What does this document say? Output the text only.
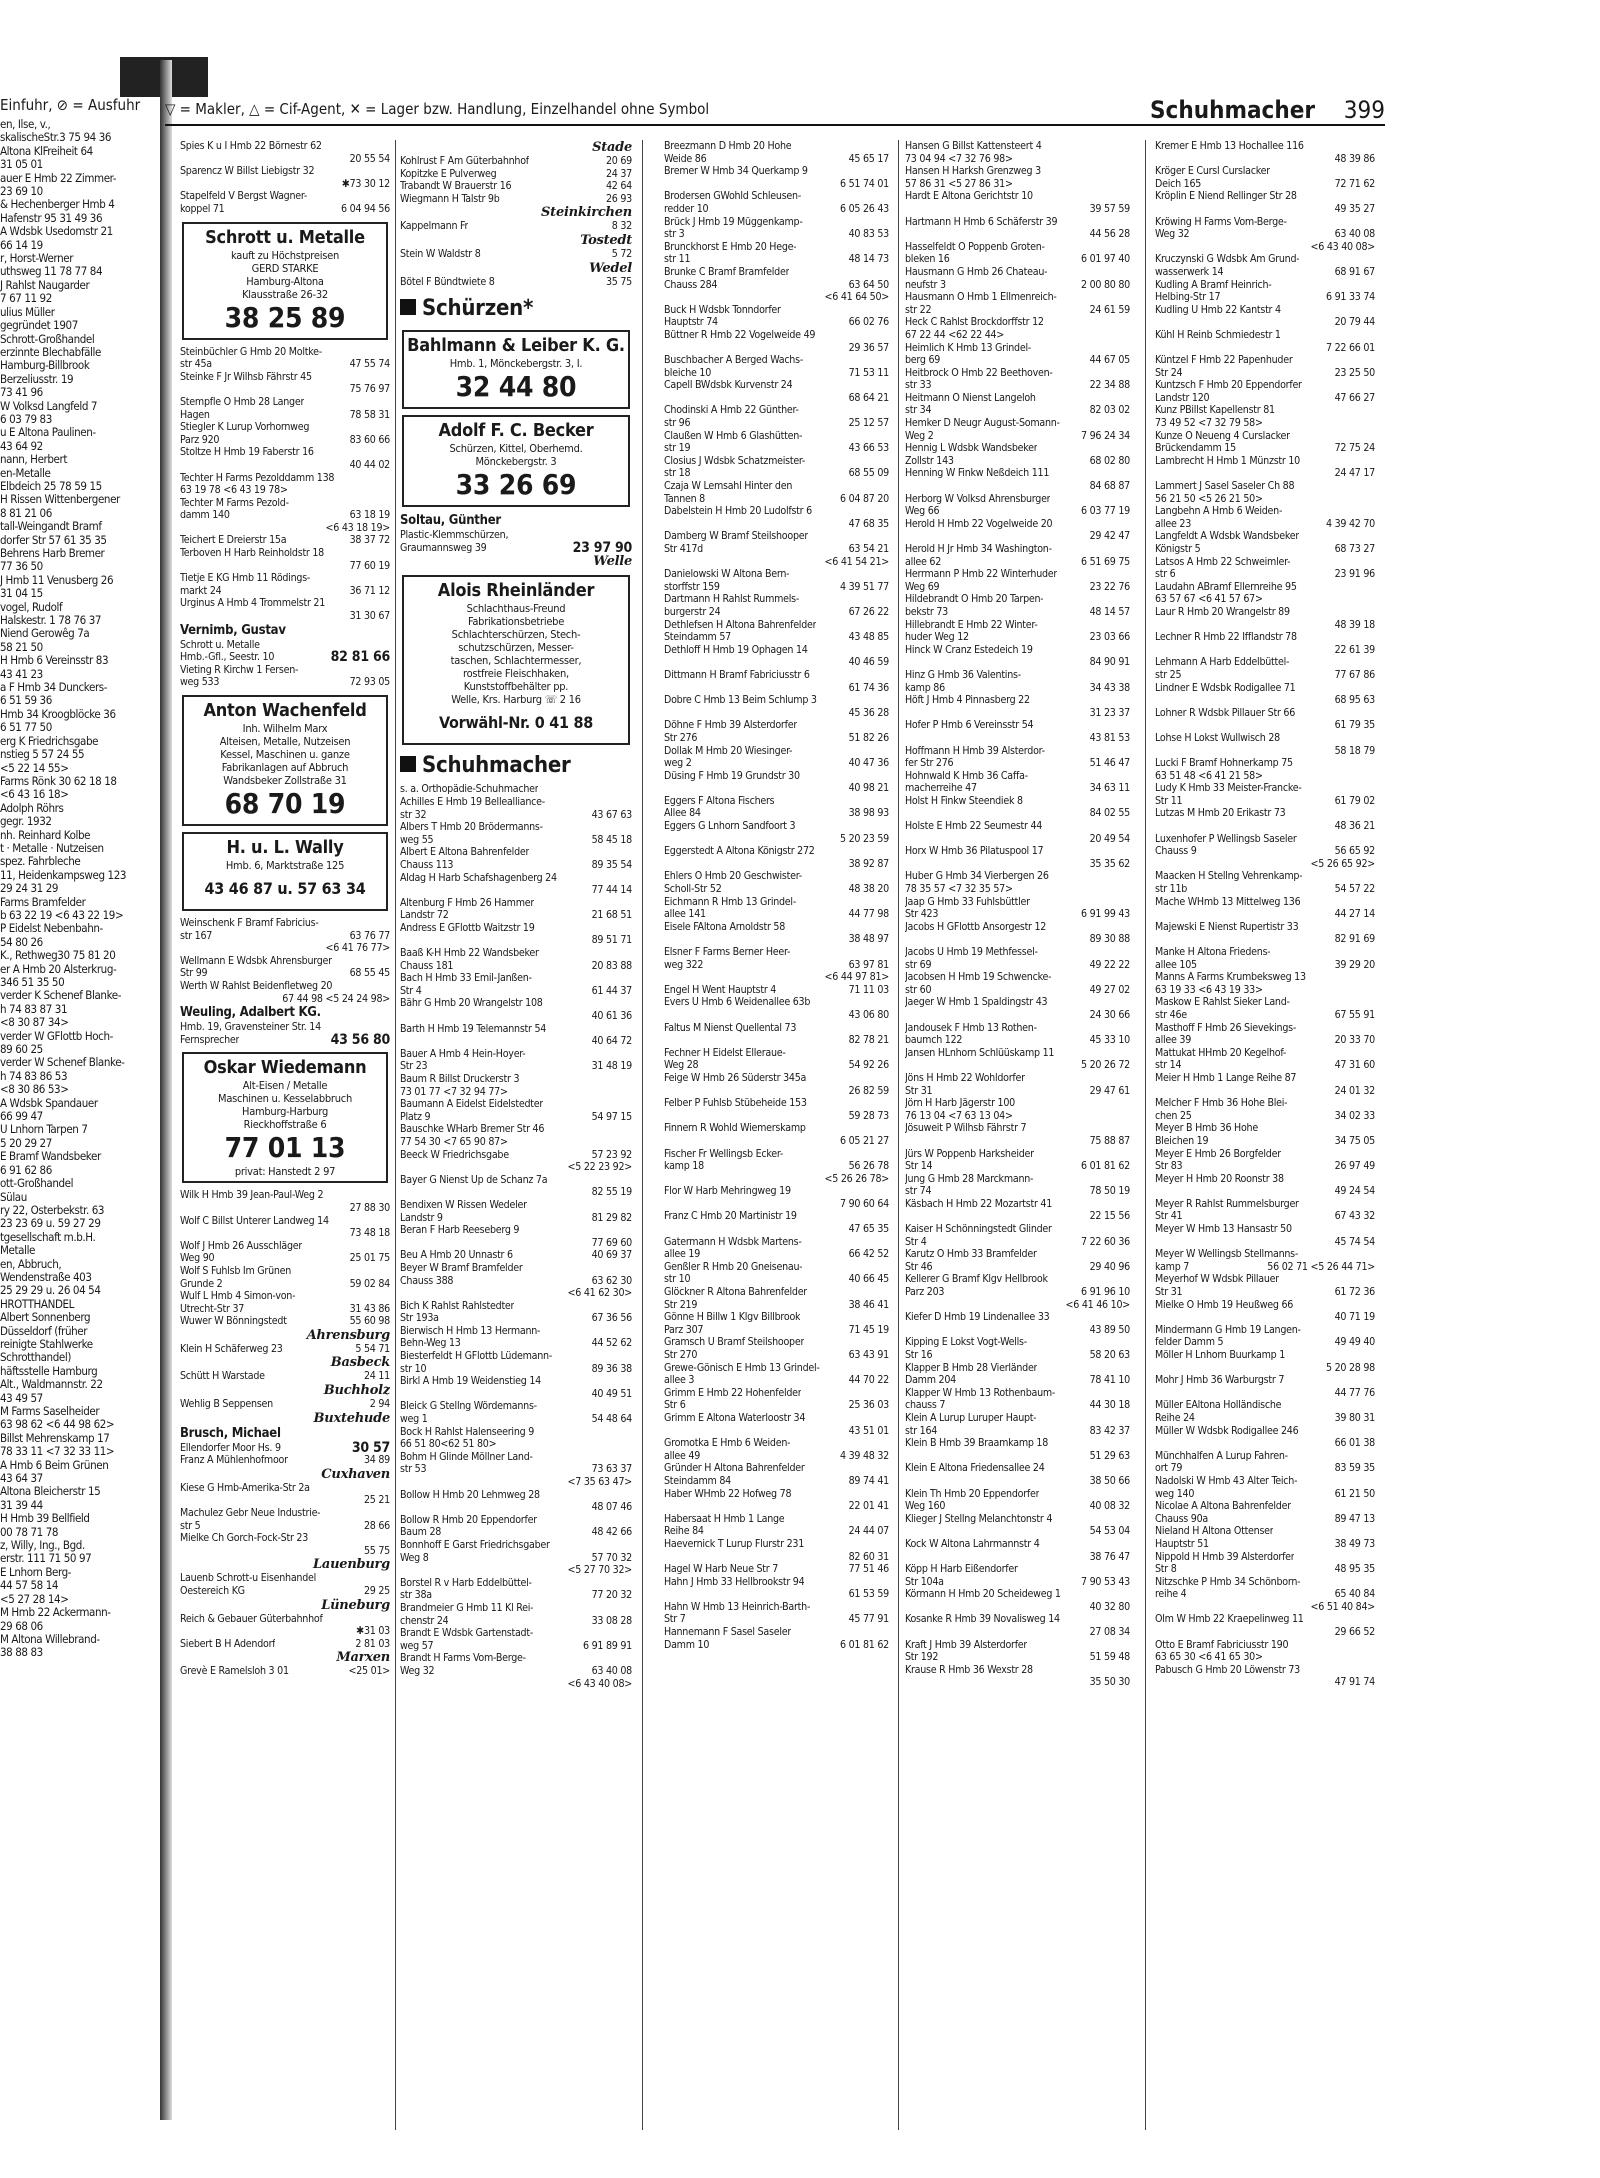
Einfuhr, ⊘ = Ausfuhr
en, Ilse, v.,
skalischeStr.3 75 94 36
Altona KlFreiheit 64
31 05 01
auer E Hmb 22 Zimmer-
23 69 10
& Hechenberger Hmb 4
Hafenstr 95 31 49 36
A Wdsbk Usedomstr 21
66 14 19
r, Horst-Werner
uthsweg 11 78 77 84
J Rahlst Naugarder
7 67 11 92
ulius Müller
gegründet 1907
Schrott-Großhandel
erzinnte Blechabfälle
Hamburg-Billbrook
Berzeliusstr. 19
73 41 96
W Volksd Langfeld 7
6 03 79 83
u E Altona Paulinen-
43 64 92
nann, Herbert
en-Metalle
Elbdeich 25 78 59 15
H Rissen Wittenbergener
8 81 21 06
tall-Weingandt Bramf
dorfer Str 57 61 35 35
Behrens Harb Bremer
77 36 50
J Hmb 11 Venusberg 26
31 04 15
vogel, Rudolf
Halskestr. 1 78 76 37
Niend Gerowêg 7a
58 21 50
H Hmb 6 Vereinsstr 83
43 41 23
a F Hmb 34 Dunckers-
6 51 59 36
Hmb 34 Kroogblöcke 36
6 51 77 50
erg K Friedrichsgabe
nstieg 5 57 24 55
<5 22 14 55>
Farms Rönk 30 62 18 18
<6 43 16 18>
Adolph Röhrs
gegr. 1932
nh. Reinhard Kolbe
t · Metalle · Nutzeisen
spez. Fahrbleche
11, Heidenkampsweg 123
29 24 31 29
Farms Bramfelder
b 63 22 19 <6 43 22 19>
P Eidelst Nebenbahn-
54 80 26
K., Rethweg30 75 81 20
er A Hmb 20 Alsterkrug-
346 51 35 50
verder K Schenef Blanke-
h 74 83 87 31
<8 30 87 34>
verder W GFlottb Hoch-
89 60 25
verder W Schenef Blanke-
h 74 83 86 53
<8 30 86 53>
A Wdsbk Spandauer
66 99 47
U Lnhorn Tarpen 7
5 20 29 27
E Bramf Wandsbeker
6 91 62 86
ott-Großhandel
Sülau
ry 22, Osterbekstr. 63
23 23 69 u. 59 27 29
tgesellschaft m.b.H.
Metalle
en, Abbruch,
Wendenstraße 403
25 29 29 u. 26 04 54
HROTTHANDEL
Albert Sonnenberg
Düsseldorf (früher
reinigte Stahlwerke
Schrotthandel)
häftsstelle Hamburg
Alt., Waldmannstr. 22
43 49 57
M Farms Saselheider
63 98 62 <6 44 98 62>
Billst Mehrenskamp 17
78 33 11 <7 32 33 11>
A Hmb 6 Beim Grünen
43 64 37
Altona Bleicherstr 15
31 39 44
H Hmb 39 Bellfield
00 78 71 78
z, Willy, Ing., Bgd.
erstr. 111 71 50 97
E Lnhorn Berg-
44 57 58 14
<5 27 28 14>
M Hmb 22 Ackermann-
29 68 06
M Altona Willebrand-
38 88 83
▽ = Makler, △ = Cif-Agent, ✕ = Lager bzw. Handlung, Einzelhandel ohne Symbol	Schuhmacher 399
Spies K u I Hmb 22 Börnestr 62
20 55 54
Sparencz W Billst Liebigstr 32
✱73 30 12
Stapelfeld V Bergst Wagner-
koppel 71	6 04 94 56
Schrott u. Metalle
kauft zu Höchstpreisen
GERD STARKE
Hamburg-Altona
Klausstraße 26-32
38 25 89
Steinbüchler G Hmb 20 Moltke-
str 45a	47 55 74
Steinke F Jr Wilhsb Fährstr 45
75 76 97
Stempfle O Hmb 28 Langer
Hagen	78 58 31
Stiegler K Lurup Vorhornweg
Parz 920	83 60 66
Stoltze H Hmb 19 Faberstr 16
40 44 02
Techter H Farms Pezolddamm 138
63 19 78 <6 43 19 78>
Techter M Farms Pezold-
damm 140	63 18 19
<6 43 18 19>
Teichert E Dreierstr 15a	38 37 72
Terboven H Harb Reinholdstr 18
77 60 19
Tietje E KG Hmb 11 Rödings-
markt 24	36 71 12
Urginus A Hmb 4 Trommelstr 21
31 30 67
Vernimb, Gustav
Schrott u. Metalle
Hmb.-Gfl., Seestr. 10	82 81 66
Vieting R Kirchw 1 Fersen-
weg 533	72 93 05
Anton Wachenfeld
Inh. Wilhelm Marx
Alteisen, Metalle, Nutzeisen
Kessel, Maschinen u. ganze
Fabrikanlagen auf Abbruch
Wandsbeker Zollstraße 31
68 70 19
H. u. L. Wally
Hmb. 6, Marktstraße 125
43 46 87 u. 57 63 34
Weinschenk F Bramf Fabricius-
str 167	63 76 77
<6 41 76 77>
Wellmann E Wdsbk Ahrensburger
Str 99	68 55 45
Werth W Rahlst Beidenfletweg 20
67 44 98 <5 24 24 98>
Weuling, Adalbert KG.
Hmb. 19, Gravensteiner Str. 14
Fernsprecher	43 56 80
Oskar Wiedemann
Alt-Eisen / Metalle
Maschinen u. Kesselabbruch
Hamburg-Harburg
Rieckhoffstraße 6
77 01 13
privat: Hanstedt 2 97
Wilk H Hmb 39 Jean-Paul-Weg 2
27 88 30
Wolf C Billst Unterer Landweg 14
73 48 18
Wolf J Hmb 26 Ausschläger
Weg 90	25 01 75
Wolf S Fuhlsb Im Grünen
Grunde 2	59 02 84
Wulf L Hmb 4 Simon-von-
Utrecht-Str 37	31 43 86
Wuwer W Bönningstedt	55 60 98
Ahrensburg
Klein H Schäferweg 23	5 54 71
Basbeck
Schütt H Warstade	24 11
Buchholz
Wehlig B Seppensen	2 94
Buxtehude
Brusch, Michael
Ellendorfer Moor Hs. 9	30 57
Franz A Mühlenhofmoor	34 89
Cuxhaven
Kiese G Hmb-Amerika-Str 2a
25 21
Machulez Gebr Neue Industrie-
str 5	28 66
Mielke Ch Gorch-Fock-Str 23
55 75
Lauenburg
Lauenb Schrott-u Eisenhandel
Oestereich KG	29 25
Lüneburg
Reich & Gebauer Güterbahnhof
✱31 03
Siebert B H Adendorf	2 81 03
Marxen
Grevè E Ramelsloh 3 01	<25 01>
Stade
Kohlrust F Am Güterbahnhof	20 69
Kopitzke E Pulverweg	24 37
Trabandt W Brauerstr 16	42 64
Wiegmann H Talstr 9b	26 93
Steinkirchen
Kappelmann Fr	8 32
Tostedt
Stein W Waldstr 8	5 72
Wedel
Bötel F Bündtwiete 8	35 75
Schürzen*
Bahlmann & Leiber K. G.
Hmb. 1, Mönckebergstr. 3, I.
32 44 80
Adolf F. C. Becker
Schürzen, Kittel, Oberhemd.
Mönckebergstr. 3
33 26 69
Soltau, Günther
Plastic-Klemmschürzen,
Graumannsweg 39	23 97 90
Welle
Alois Rheinländer
Schlachthaus-Freund
Fabrikationsbetriebe
Schlachterschürzen, Stech-
schutzschürzen, Messer-
taschen, Schlachtermesser,
rostfreie Fleischhaken,
Kunststoffbehälter pp.
Welle, Krs. Harburg ☏ 2 16
Vorwähl-Nr. 0 41 88
Schuhmacher
s. a. Orthopädie-Schuhmacher
Achilles E Hmb 19 Bellealliance-
str 32	43 67 63
Albers T Hmb 20 Brödermanns-
weg 55	58 45 18
Albert E Altona Bahrenfelder
Chauss 113	89 35 54
Aldag H Harb Schafshagenberg 24
77 44 14
Altenburg F Hmb 26 Hammer
Landstr 72	21 68 51
Andress E GFlottb Waitzstr 19
89 51 71
Baaß K-H Hmb 22 Wandsbeker
Chauss 181	20 83 88
Bach H Hmb 33 Emil-Janßen-
Str 4	61 44 37
Bähr G Hmb 20 Wrangelstr 108
40 61 36
Barth H Hmb 19 Telemannstr 54
40 64 72
Bauer A Hmb 4 Hein-Hoyer-
Str 23	31 48 19
Baum R Billst Druckerstr 3
73 01 77 <7 32 94 77>
Baumann A Eidelst Eidelstedter
Platz 9	54 97 15
Bauschke WHarb Bremer Str 46
77 54 30 <7 65 90 87>
Beeck W Friedrichsgabe	57 23 92
<5 22 23 92>
Bayer G Nienst Up de Schanz 7a
82 55 19
Bendixen W Rissen Wedeler
Landstr 9	81 29 82
Beran F Harb Reeseberg 9
77 69 60
Beu A Hmb 20 Unnastr 6	40 69 37
Beyer W Bramf Bramfelder
Chauss 388	63 62 30
<6 41 62 30>
Bich K Rahlst Rahlstedter
Str 193a	67 36 56
Bierwisch H Hmb 13 Hermann-
Behn-Weg 13	44 52 62
Biesterfeldt H GFlottb Lüdemann-
str 10	89 36 38
Birkl A Hmb 19 Weidenstieg 14
40 49 51
Bleick G Stellng Wördemanns-
weg 1	54 48 64
Bock H Rahlst Halenseering 9
66 51 80<62 51 80>
Bohm H Glinde Möllner Land-
str 53	73 63 37
<7 35 63 47>
Bollow H Hmb 20 Lehmweg 28
48 07 46
Bollow R Hmb 20 Eppendorfer
Baum 28	48 42 66
Bonnhoff E Garst Friedrichsgaber
Weg 8	57 70 32
<5 27 70 32>
Borstel R v Harb Eddelbüttel-
str 38a	77 20 32
Brandmeier G Hmb 11 Kl Rei-
chenstr 24	33 08 28
Brandt E Wdsbk Gartenstadt-
weg 57	6 91 89 91
Brandt H Farms Vom-Berge-
Weg 32	63 40 08
<6 43 40 08>
Breezmann D Hmb 20 Hohe
Weide 86	45 65 17
Bremer W Hmb 34 Querkamp 9
6 51 74 01
Brodersen GWohld Schleusen-
redder 10	6 05 26 43
Brück J Hmb 19 Müggenkamp-
str 3	40 83 53
Brunckhorst E Hmb 20 Hege-
str 11	48 14 73
Brunke C Bramf Bramfelder
Chauss 284	63 64 50
<6 41 64 50>
Buck H Wdsbk Tonndorfer
Hauptstr 74	66 02 76
Büttner R Hmb 22 Vogelweide 49
29 36 57
Buschbacher A Berged Wachs-
bleiche 10	71 53 11
Capell BWdsbk Kurvenstr 24
68 64 21
Chodinski A Hmb 22 Günther-
str 96	25 12 57
Claußen W Hmb 6 Glashütten-
str 19	43 66 53
Closius J Wdsbk Schatzmeister-
str 18	68 55 09
Czaja W Lemsahl Hinter den
Tannen 8	6 04 87 20
Dabelstein H Hmb 20 Ludolfstr 6
47 68 35
Damberg W Bramf Steilshooper
Str 417d	63 54 21
<6 41 54 21>
Danielowski W Altona Bern-
storffstr 159	4 39 51 77
Dartmann H Rahlst Rummels-
burgerstr 24	67 26 22
Dethlefsen H Altona Bahrenfelder
Steindamm 57	43 48 85
Dethloff H Hmb 19 Ophagen 14
40 46 59
Dittmann H Bramf Fabriciusstr 6
61 74 36
Dobre C Hmb 13 Beim Schlump 3
45 36 28
Döhne F Hmb 39 Alsterdorfer
Str 276	51 82 26
Dollak M Hmb 20 Wiesinger-
weg 2	40 47 36
Düsing F Hmb 19 Grundstr 30
40 98 21
Eggers F Altona Fischers
Allee 84	38 98 93
Eggers G Lnhorn Sandfoort 3
5 20 23 59
Eggerstedt A Altona Königstr 272
38 92 87
Ehlers O Hmb 20 Geschwister-
Scholl-Str 52	48 38 20
Eichmann R Hmb 13 Grindel-
allee 141	44 77 98
Eisele FAltona Arnoldstr 58
38 48 97
Elsner F Farms Berner Heer-
weg 322	63 97 81
<6 44 97 81>
Engel H Went Hauptstr 4	71 11 03
Evers U Hmb 6 Weidenallee 63b
43 06 80
Faltus M Nienst Quellental 73
82 78 21
Fechner H Eidelst Elleraue-
Weg 28	54 92 26
Feige W Hmb 26 Süderstr 345a
26 82 59
Felber P Fuhlsb Stübeheide 153
59 28 73
Finnern R Wohld Wiemerskamp
6 05 21 27
Fischer Fr Wellingsb Ecker-
kamp 18	56 26 78
<5 26 26 78>
Flor W Harb Mehringweg 19
7 90 60 64
Franz C Hmb 20 Martinistr 19
47 65 35
Gatermann H Wdsbk Martens-
allee 19	66 42 52
Genßler R Hmb 20 Gneisenau-
str 10	40 66 45
Glöckner R Altona Bahrenfelder
Str 219	38 46 41
Gönne H Billw 1 Klgv Billbrook
Parz 307	71 45 19
Gramsch U Bramf Steilshooper
Str 270	63 43 91
Grewe-Gönisch E Hmb 13 Grindel-
allee 3	44 70 22
Grimm E Hmb 22 Hohenfelder
Str 6	25 36 03
Grimm E Altona Waterloostr 34
43 51 01
Gromotka E Hmb 6 Weiden-
allee 49	4 39 48 32
Gründer H Altona Bahrenfelder
Steindamm 84	89 74 41
Haber WHmb 22 Hofweg 78
22 01 41
Habersaat H Hmb 1 Lange
Reihe 84	24 44 07
Haevernick T Lurup Flurstr 231
82 60 31
Hagel W Harb Neue Str 7	77 51 46
Hahn J Hmb 33 Hellbrookstr 94
61 53 59
Hahn W Hmb 13 Heinrich-Barth-
Str 7	45 77 91
Hannemann F Sasel Saseler
Damm 10	6 01 81 62
Hansen G Billst Kattensteert 4
73 04 94 <7 32 76 98>
Hansen H Harksh Grenzweg 3
57 86 31 <5 27 86 31>
Hardt E Altona Gerichtstr 10
39 57 59
Hartmann H Hmb 6 Schäferstr 39
44 56 28
Hasselfeldt O Poppenb Groten-
bleken 16	6 01 97 40
Hausmann G Hmb 26 Chateau-
neufstr 3	2 00 80 80
Hausmann O Hmb 1 Ellmenreich-
str 22	24 61 59
Heck C Rahlst Brockdorffstr 12
67 22 44 <62 22 44>
Heimlich K Hmb 13 Grindel-
berg 69	44 67 05
Heitbrock O Hmb 22 Beethoven-
str 33	22 34 88
Heitmann O Nienst Langeloh
str 34	82 03 02
Hemker D Neugr August-Somann-
Weg 2	7 96 24 34
Hennig L Wdsbk Wandsbeker
Zollstr 143	68 02 80
Henning W Finkw Neßdeich 111
84 68 87
Herborg W Volksd Ahrensburger
Weg 66	6 03 77 19
Herold H Hmb 22 Vogelweide 20
29 42 47
Herold H Jr Hmb 34 Washington-
allee 62	6 51 69 75
Herrmann P Hmb 22 Winterhuder
Weg 69	23 22 76
Hildebrandt O Hmb 20 Tarpen-
bekstr 73	48 14 57
Hillebrandt E Hmb 22 Winter-
huder Weg 12	23 03 66
Hinck W Cranz Estedeich 19
84 90 91
Hinz G Hmb 36 Valentins-
kamp 86	34 43 38
Höft J Hmb 4 Pinnasberg 22
31 23 37
Hofer P Hmb 6 Vereinsstr 54
43 81 53
Hoffmann H Hmb 39 Alsterdor-
fer Str 276	51 46 47
Hohnwald K Hmb 36 Caffa-
macherreihe 47	34 63 11
Holst H Finkw Steendiek 8
84 02 55
Holste E Hmb 22 Seumestr 44
20 49 54
Horx W Hmb 36 Pilatuspool 17
35 35 62
Huber G Hmb 34 Vierbergen 26
78 35 57 <7 32 35 57>
Jaap G Hmb 33 Fuhlsbüttler
Str 423	6 91 99 43
Jacobs H GFlottb Ansorgestr 12
89 30 88
Jacobs U Hmb 19 Methfessel-
str 69	49 22 22
Jacobsen H Hmb 19 Schwencke-
str 60	49 27 02
Jaeger W Hmb 1 Spaldingstr 43
24 30 66
Jandousek F Hmb 13 Rothen-
baumch 122	45 33 10
Jansen HLnhorn Schlüüskamp 11
5 20 26 72
Jöns H Hmb 22 Wohldorfer
Str 31	29 47 61
Jörn H Harb Jägerstr 100
76 13 04 <7 63 13 04>
Jösuweit P Wilhsb Fährstr 7
75 88 87
Jürs W Poppenb Harksheider
Str 14	6 01 81 62
Jung G Hmb 28 Marckmann-
str 74	78 50 19
Käsbach H Hmb 22 Mozartstr 41
22 15 56
Kaiser H Schönningstedt Glinder
Str 4	7 22 60 36
Karutz O Hmb 33 Bramfelder
Str 46	29 40 96
Kellerer G Bramf Klgv Hellbrook
Parz 203	6 91 96 10
<6 41 46 10>
Kiefer D Hmb 19 Lindenallee 33
43 89 50
Kipping E Lokst Vogt-Wells-
Str 16	58 20 63
Klapper B Hmb 28 Vierländer
Damm 204	78 41 10
Klapper W Hmb 13 Rothenbaum-
chauss 7	44 30 18
Klein A Lurup Luruper Haupt-
str 164	83 42 37
Klein B Hmb 39 Braamkamp 18
51 29 63
Klein E Altona Friedensallee 24
38 50 66
Klein Th Hmb 20 Eppendorfer
Weg 160	40 08 32
Klieger J Stellng Melanchtonstr 4
54 53 04
Kock W Altona Lahrmannstr 4
38 76 47
Köpp H Harb Eißendorfer
Str 104a	7 90 53 43
Körmann H Hmb 20 Scheideweg 1
40 32 80
Kosanke R Hmb 39 Novalisweg 14
27 08 34
Kraft J Hmb 39 Alsterdorfer
Str 192	51 59 48
Krause R Hmb 36 Wexstr 28
35 50 30
Kremer E Hmb 13 Hochallee 116
48 39 86
Kröger E Cursl Curslacker
Deich 165	72 71 62
Kröplin E Niend Rellinger Str 28
49 35 27
Kröwing H Farms Vom-Berge-
Weg 32	63 40 08
<6 43 40 08>
Kruczynski G Wdsbk Am Grund-
wasserwerk 14	68 91 67
Kudling A Bramf Heinrich-
Helbing-Str 17	6 91 33 74
Kudling U Hmb 22 Kantstr 4
20 79 44
Kühl H Reinb Schmiedestr 1
7 22 66 01
Küntzel F Hmb 22 Papenhuder
Str 24	23 25 50
Kuntzsch F Hmb 20 Eppendorfer
Landstr 120	47 66 27
Kunz PBillst Kapellenstr 81
73 49 52 <7 32 79 58>
Kunze O Neueng 4 Curslacker
Brückendamm 15	72 75 24
Lambrecht H Hmb 1 Münzstr 10
24 47 17
Lammert J Sasel Saseler Ch 88
56 21 50 <5 26 21 50>
Langbehn A Hmb 6 Weiden-
allee 23	4 39 42 70
Langfeldt A Wdsbk Wandsbeker
Königstr 5	68 73 27
Latsos A Hmb 22 Schweimler-
str 6	23 91 96
Laudahn ABramf Ellernreihe 95
63 57 67 <6 41 57 67>
Laur R Hmb 20 Wrangelstr 89
48 39 18
Lechner R Hmb 22 Ifflandstr 78
22 61 39
Lehmann A Harb Eddelbüttel-
str 25	77 67 86
Lindner E Wdsbk Rodigallee 71
68 95 63
Lohner R Wdsbk Pillauer Str 66
61 79 35
Lohse H Lokst Wullwisch 28
58 18 79
Lucki F Bramf Hohnerkamp 75
63 51 48 <6 41 21 58>
Ludy K Hmb 33 Meister-Francke-
Str 11	61 79 02
Lutzas M Hmb 20 Erikastr 73
48 36 21
Luxenhofer P Wellingsb Saseler
Chauss 9	56 65 92
<5 26 65 92>
Maacken H Stellng Vehrenkamp-
str 11b	54 57 22
Mache WHmb 13 Mittelweg 136
44 27 14
Majewski E Nienst Rupertistr 33
82 91 69
Manke H Altona Friedens-
allee 105	39 29 20
Manns A Farms Krumbeksweg 13
63 19 33 <6 43 19 33>
Maskow E Rahlst Sieker Land-
str 46e	67 55 91
Masthoff F Hmb 26 Sievekings-
allee 39	20 33 70
Mattukat HHmb 20 Kegelhof-
str 14	47 31 60
Meier H Hmb 1 Lange Reihe 87
24 01 32
Melcher F Hmb 36 Hohe Blei-
chen 25	34 02 33
Meyer B Hmb 36 Hohe
Bleichen 19	34 75 05
Meyer E Hmb 26 Borgfelder
Str 83	26 97 49
Meyer H Hmb 20 Roonstr 38
49 24 54
Meyer R Rahlst Rummelsburger
Str 41	67 43 32
Meyer W Hmb 13 Hansastr 50
45 74 54
Meyer W Wellingsb Stellmanns-
kamp 7	56 02 71 <5 26 44 71>
Meyerhof W Wdsbk Pillauer
Str 31	61 72 36
Mielke O Hmb 19 Heußweg 66
40 71 19
Mindermann G Hmb 19 Langen-
felder Damm 5	49 49 40
Möller H Lnhorn Buurkamp 1
5 20 28 98
Mohr J Hmb 36 Warburgstr 7
44 77 76
Müller EAltona Holländische
Reihe 24	39 80 31
Müller W Wdsbk Rodigallee 246
66 01 38
Münchhalfen A Lurup Fahren-
ort 79	83 59 35
Nadolski W Hmb 43 Alter Teich-
weg 140	61 21 50
Nicolae A Altona Bahrenfelder
Chauss 90a	89 47 13
Nieland H Altona Ottenser
Hauptstr 51	38 49 73
Nippold H Hmb 39 Alsterdorfer
Str 8	48 95 35
Nitzschke P Hmb 34 Schönborn-
reihe 4	65 40 84
<6 51 40 84>
Olm W Hmb 22 Kraepelinweg 11
29 66 52
Otto E Bramf Fabriciusstr 190
63 65 30 <6 41 65 30>
Pabusch G Hmb 20 Löwenstr 73
47 91 74
